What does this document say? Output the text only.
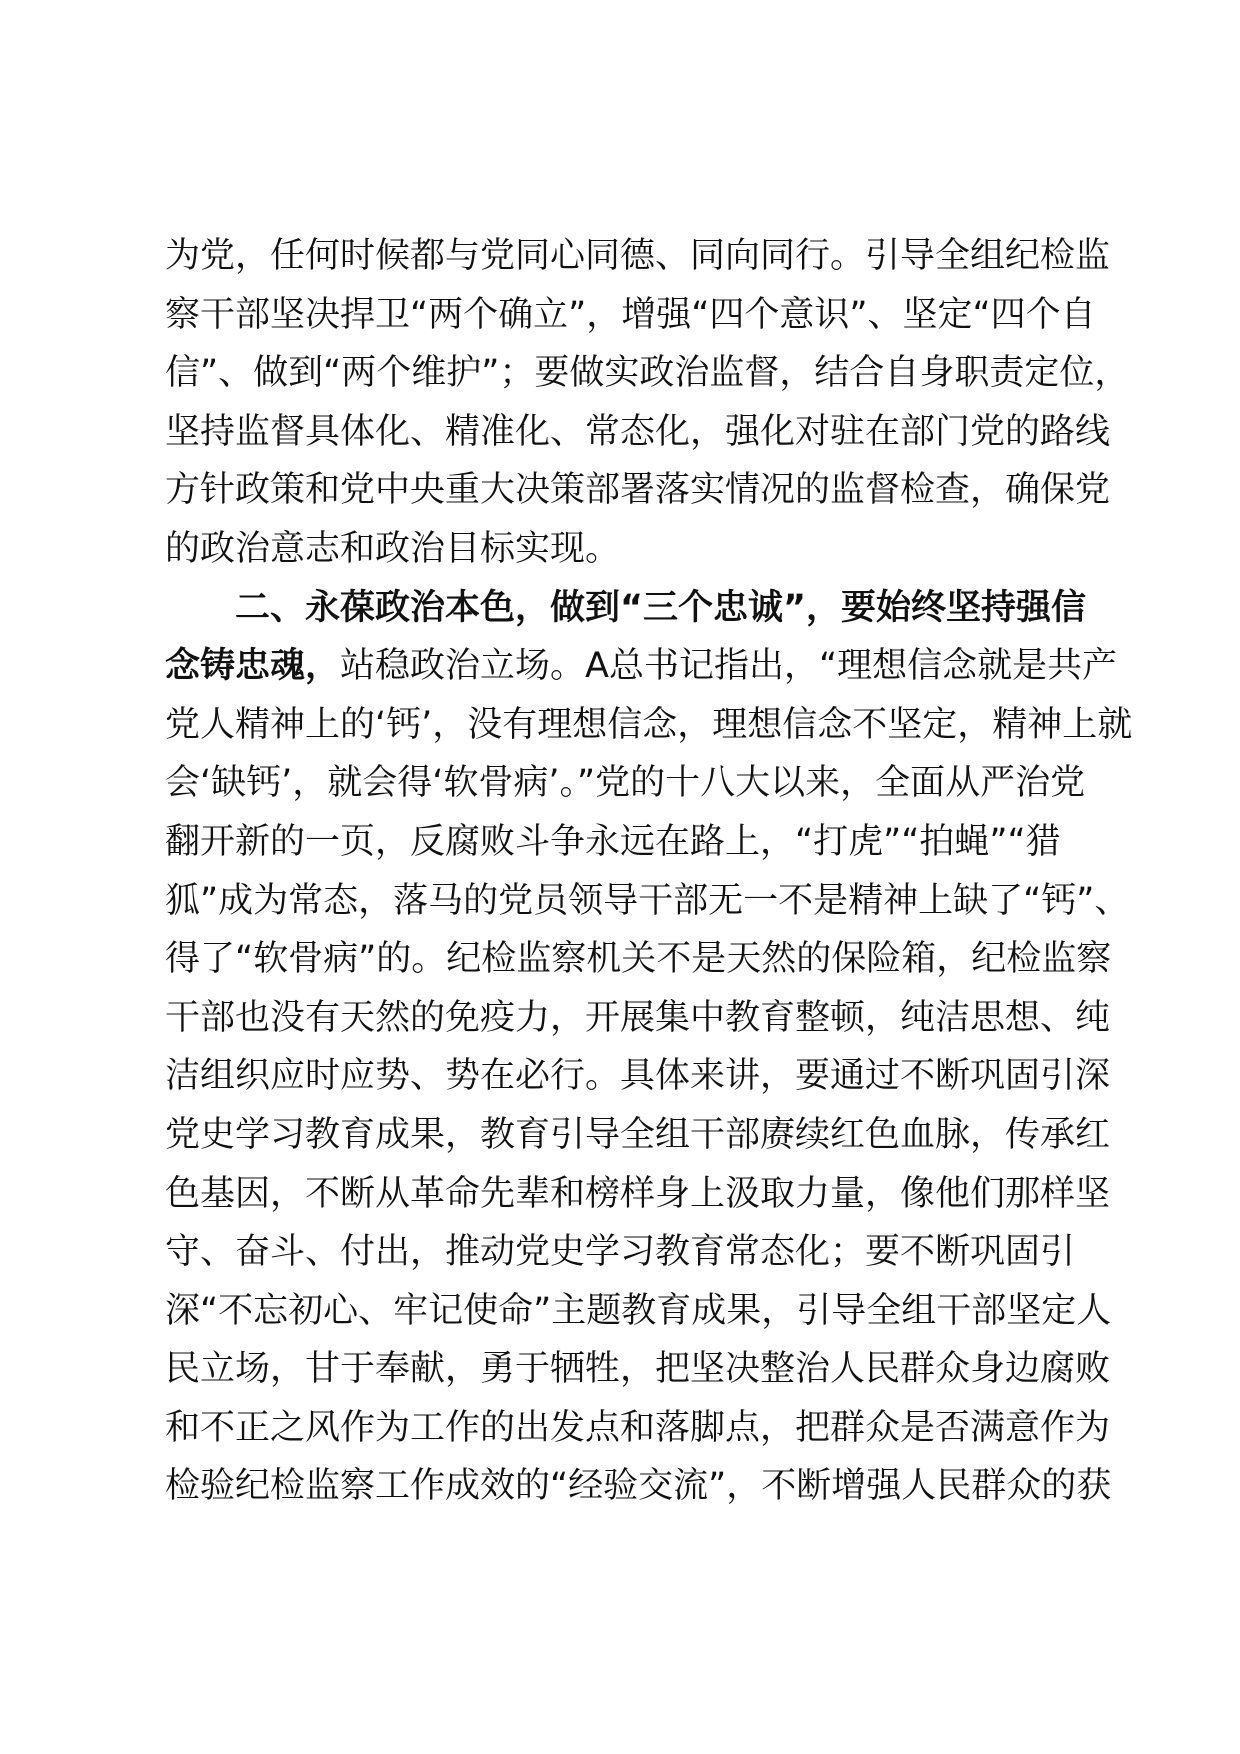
为党，任何时候都与党同心同德、同向同行。引导全组纪检监
察干部坚决捍卫“两个确立”，增强“四个意识”、坚定“四个自
信”、做到“两个维护”；要做实政治监督，结合自身职责定位，
坚持监督具体化、精准化、常态化，强化对驻在部门党的路线
方针政策和党中央重大决策部署落实情况的监督检查，确保党
的政治意志和政治目标实现。
二、永葆政治本色，做到“三个忠诚”，要始终坚持强信
念铸忠魂，站稳政治立场。A总书记指出，“理想信念就是共产
党人精神上的‘钙’，没有理想信念，理想信念不坚定，精神上就
会‘缺钙’，就会得‘软骨病’。”党的十八大以来，全面从严治党
翻开新的一页，反腐败斗争永远在路上，“打虎”“拍蝇”“猎
狐”成为常态，落马的党员领导干部无一不是精神上缺了“钙”、
得了“软骨病”的。纪检监察机关不是天然的保险箱，纪检监察
干部也没有天然的免疫力，开展集中教育整顿，纯洁思想、纯
洁组织应时应势、势在必行。具体来讲，要通过不断巩固引深
党史学习教育成果，教育引导全组干部赓续红色血脉，传承红
色基因，不断从革命先辈和榜样身上汲取力量，像他们那样坚
守、奋斗、付出，推动党史学习教育常态化；要不断巩固引
深“不忘初心、牢记使命”主题教育成果，引导全组干部坚定人
民立场，甘于奉献，勇于牺牲，把坚决整治人民群众身边腐败
和不正之风作为工作的出发点和落脚点，把群众是否满意作为
检验纪检监察工作成效的“经验交流”，不断增强人民群众的获
